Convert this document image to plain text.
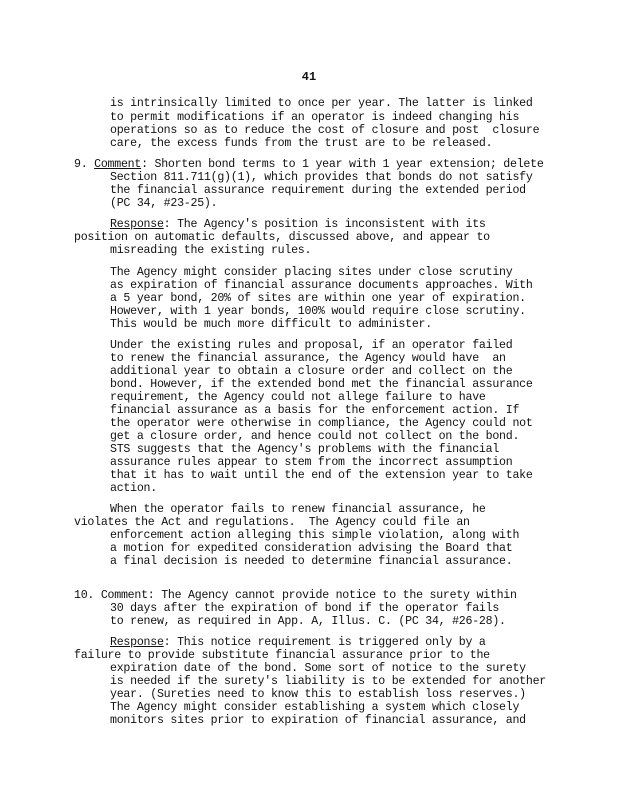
41
is intrinsically limited to once per year. The latter is linked
to permit modifications if an operator is indeed changing his
operations so as to reduce the cost of closure and post  closure
care, the excess funds from the trust are to be released.
9. Comment: Shorten bond terms to 1 year with 1 year extension; delete
Section 811.711(g)(1), which provides that bonds do not satisfy
the financial assurance requirement during the extended period
(PC 34, #23-25).
Response: The Agency's position is inconsistent with its
position on automatic defaults, discussed above, and appear to
misreading the existing rules.
The Agency might consider placing sites under close scrutiny
as expiration of financial assurance documents approaches. With
a 5 year bond, 20% of sites are within one year of expiration.
However, with 1 year bonds, 100% would require close scrutiny.
This would be much more difficult to administer.
Under the existing rules and proposal, if an operator failed
to renew the financial assurance, the Agency would have  an
additional year to obtain a closure order and collect on the
bond. However, if the extended bond met the financial assurance
requirement, the Agency could not allege failure to have
financial assurance as a basis for the enforcement action. If
the operator were otherwise in compliance, the Agency could not
get a closure order, and hence could not collect on the bond.
STS suggests that the Agency's problems with the financial
assurance rules appear to stem from the incorrect assumption
that it has to wait until the end of the extension year to take
action.
When the operator fails to renew financial assurance, he
violates the Act and regulations.  The Agency could file an
enforcement action alleging this simple violation, along with
a motion for expedited consideration advising the Board that
a final decision is needed to determine financial assurance.
10. Comment: The Agency cannot provide notice to the surety within
30 days after the expiration of bond if the operator fails
to renew, as required in App. A, Illus. C. (PC 34, #26-28).
Response: This notice requirement is triggered only by a
failure to provide substitute financial assurance prior to the
expiration date of the bond. Some sort of notice to the surety
is needed if the surety's liability is to be extended for another
year. (Sureties need to know this to establish loss reserves.)
The Agency might consider establishing a system which closely
monitors sites prior to expiration of financial assurance, and
